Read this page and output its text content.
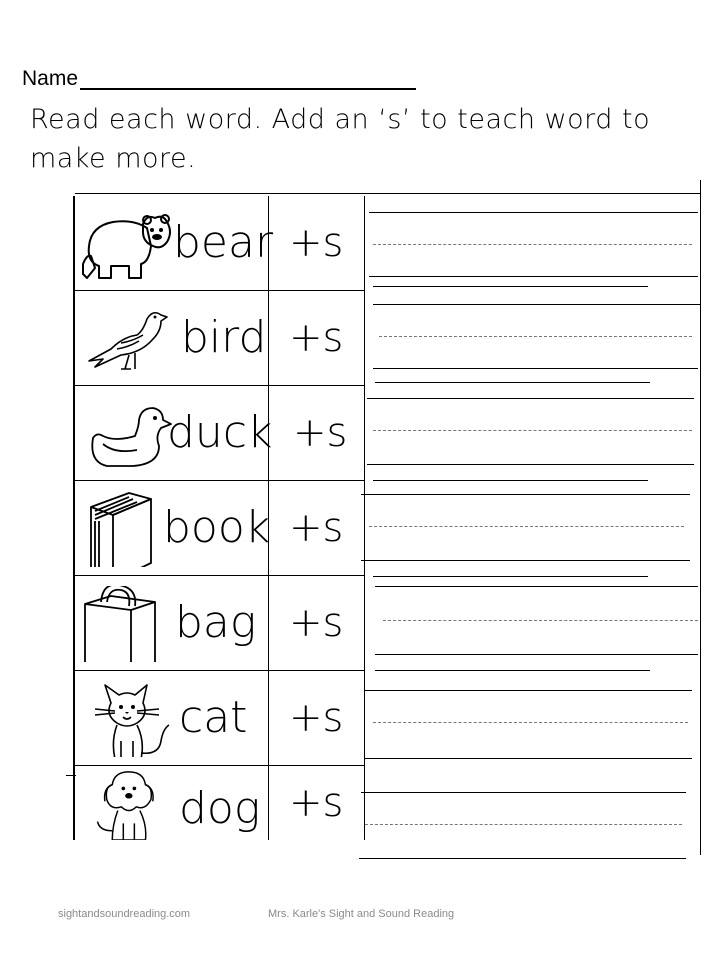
Name
Read each word. Add an ‘s’ to teach word to
make more.
bear +s
bird +s
duck +s
book +s
bag +s
cat +s
dog +s
sightandsoundreading.com	Mrs. Karle's Sight and Sound Reading
